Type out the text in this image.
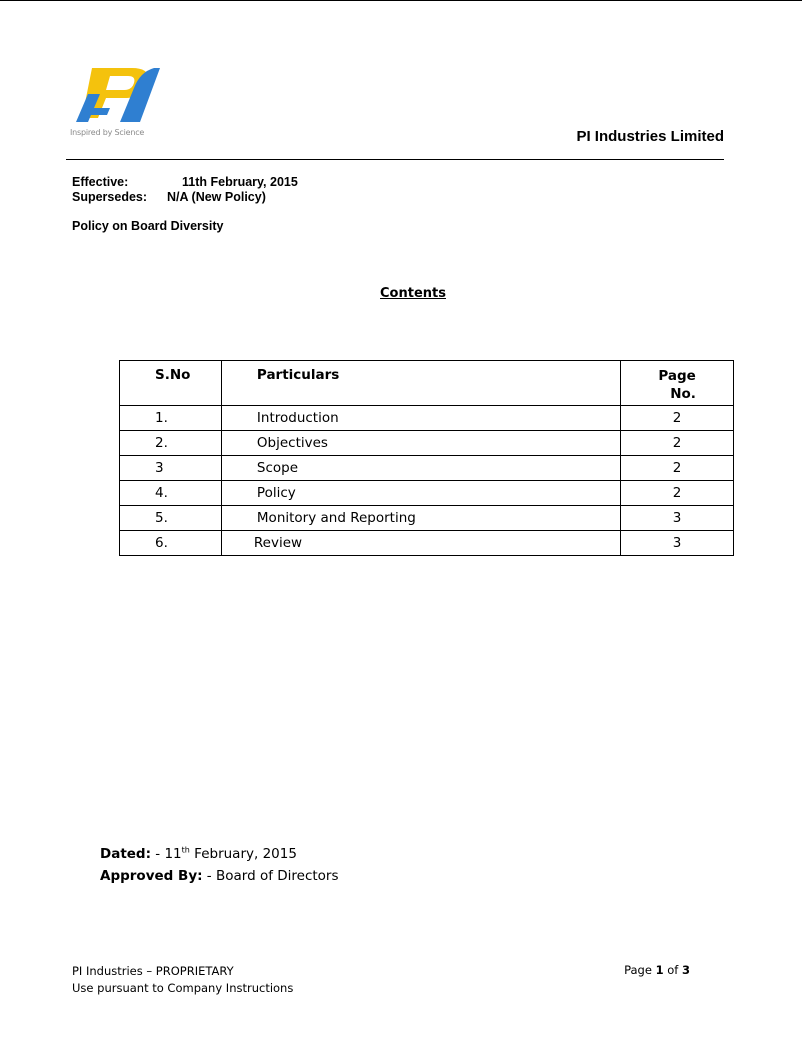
Inspired by Science	PI Industries Limited
Effective:	11th February, 2015
Supersedes: N/A (New Policy)
Policy on Board Diversity
Contents
S.No	Particulars	Page
No.

1.	Introduction	2
2.	Objectives	2
3	Scope	2
4.	Policy	2
5.	Monitory and Reporting	3
6.	Review	3
Dated: - 11th February, 2015
Approved By: - Board of Directors
PI Industries – PROPRIETARY
Use pursuant to Company Instructions
Page 1 of 3
